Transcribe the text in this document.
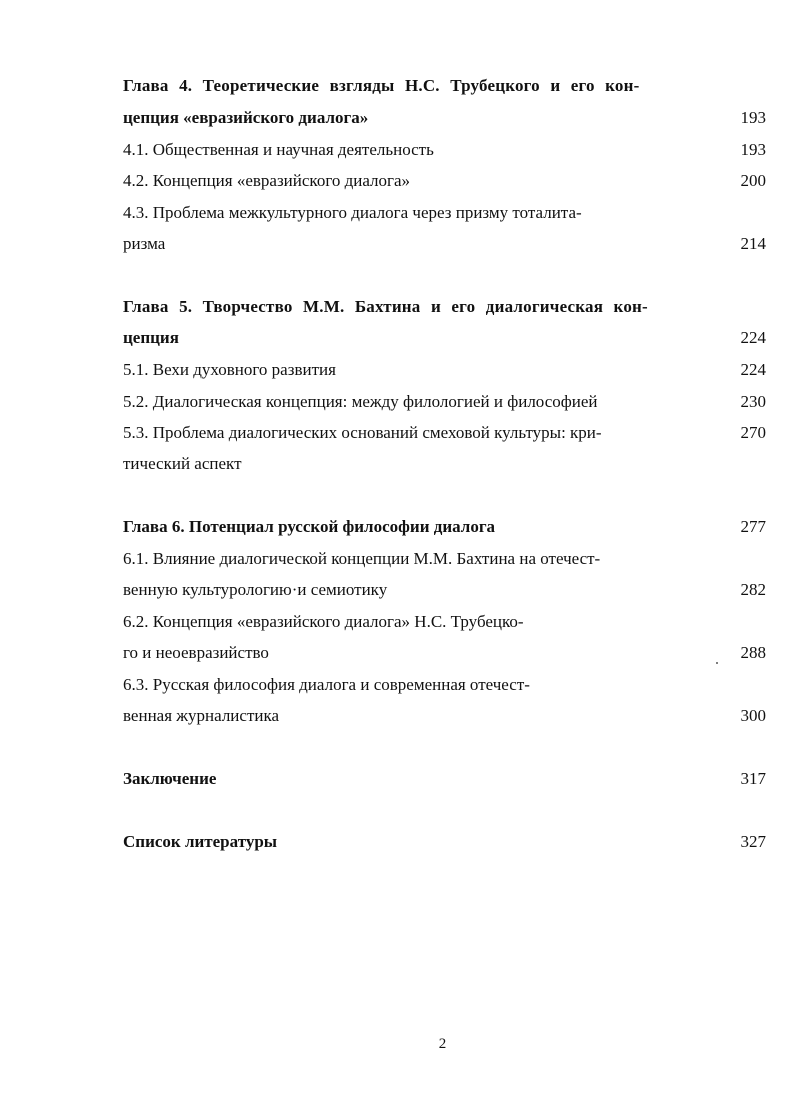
Глава 4. Теоретические взгляды Н.С. Трубецкого и его кон-
цепция «евразийского диалога»	193
4.1. Общественная и научная деятельность	193
4.2. Концепция «евразийского диалога»	200
4.3. Проблема межкультурного диалога через призму тоталита-
ризма	214
Глава 5. Творчество М.М. Бахтина и его диалогическая кон-
цепция	224
5.1. Вехи духовного развития	224
5.2. Диалогическая концепция: между филологией и философией	230
5.3. Проблема диалогических оснований смеховой культуры: кри-	270
тический аспект
Глава 6. Потенциал русской философии диалога	277
6.1. Влияние диалогической концепции М.М. Бахтина на отечест-
венную культурологию·и семиотику	282
6.2. Концепция «евразийского диалога» Н.С. Трубецко-
го и неоевразийство	288
6.3. Русская философия диалога и современная отечест-
венная журналистика	300
Заключение	317
Список литературы	327
2
